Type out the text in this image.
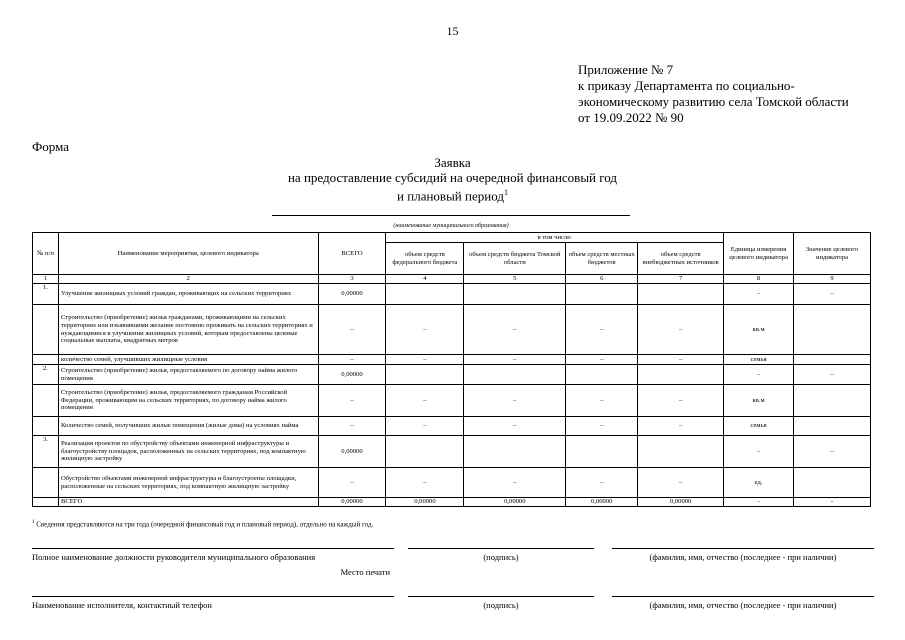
15
Приложение № 7
к приказу Департамента по социально-
экономическому развитию села Томской области
от 19.09.2022 № 90
Форма
Заявка
на предоставление субсидий на очередной финансовый год
и плановый период$^1$
(наименование муниципального образования)
№ п/п	Наименование мероприятия, целевого индикатора	ВСЕГО	в том числе:				Единица измерения целевого индикатора	Значение целевого индикатора
			объем средств федерального бюджета	объем средств бюджета Томской области	объем средств местных бюджетов	объем средств внебюджетных источников		
1	2	3	4	5	6	7	8	9
1.	Улучшение жилищных условий граждан, проживающих на сельских территориях	0,00000					–	–
	Строительство (приобретение) жилья гражданами, проживающими на сельских территориях или изъявившими желание постоянно проживать на сельских территориях и нуждающимися в улучшении жилищных условий, которым предоставлены целевые социальные выплаты, квадратных метров	–	–	–	–	–	кв.м	
	количество семей, улучшивших жилищные условия	–	–	–	–	–	семья	
2.	Строительство (приобретение) жилья, предоставляемого по договору найма жилого помещения	0,00000					–	–
	Строительство (приобретение) жилья, предоставляемого гражданам Российской Федерации, проживающим на сельских территориях, по договору найма жилого помещения	–	–	–	–	–	кв.м	
	Количество семей, получивших жилые помещения (жилые дома) на условиях найма	–	–	–	–	–	семья	
3.	Реализация проектов по обустройству объектами инженерной инфраструктуры и благоустройству площадок, расположенных на сельских территориях, под компактную жилищную застройку	0,00000					–	–
	Обустройство объектами инженерной инфраструктуры и благоустроены площадки, расположенные на сельских территориях, под компактную жилищную застройку	–	–	–	–	–	ед.	
	ВСЕГО	0,00000	0,00000	0,00000	0,00000	0,00000	-	-
$^1$ Сведения представляются на три года (очередной финансовый год и плановый период), отдельно на каждый год.
Полное наименование должности руководителя муниципального образования	(подпись)	(фамилия, имя, отчество (последнее - при наличии)
Место печати
Наименование исполнителя, контактный телефон	(подпись)	(фамилия, имя, отчество (последнее - при наличии)
